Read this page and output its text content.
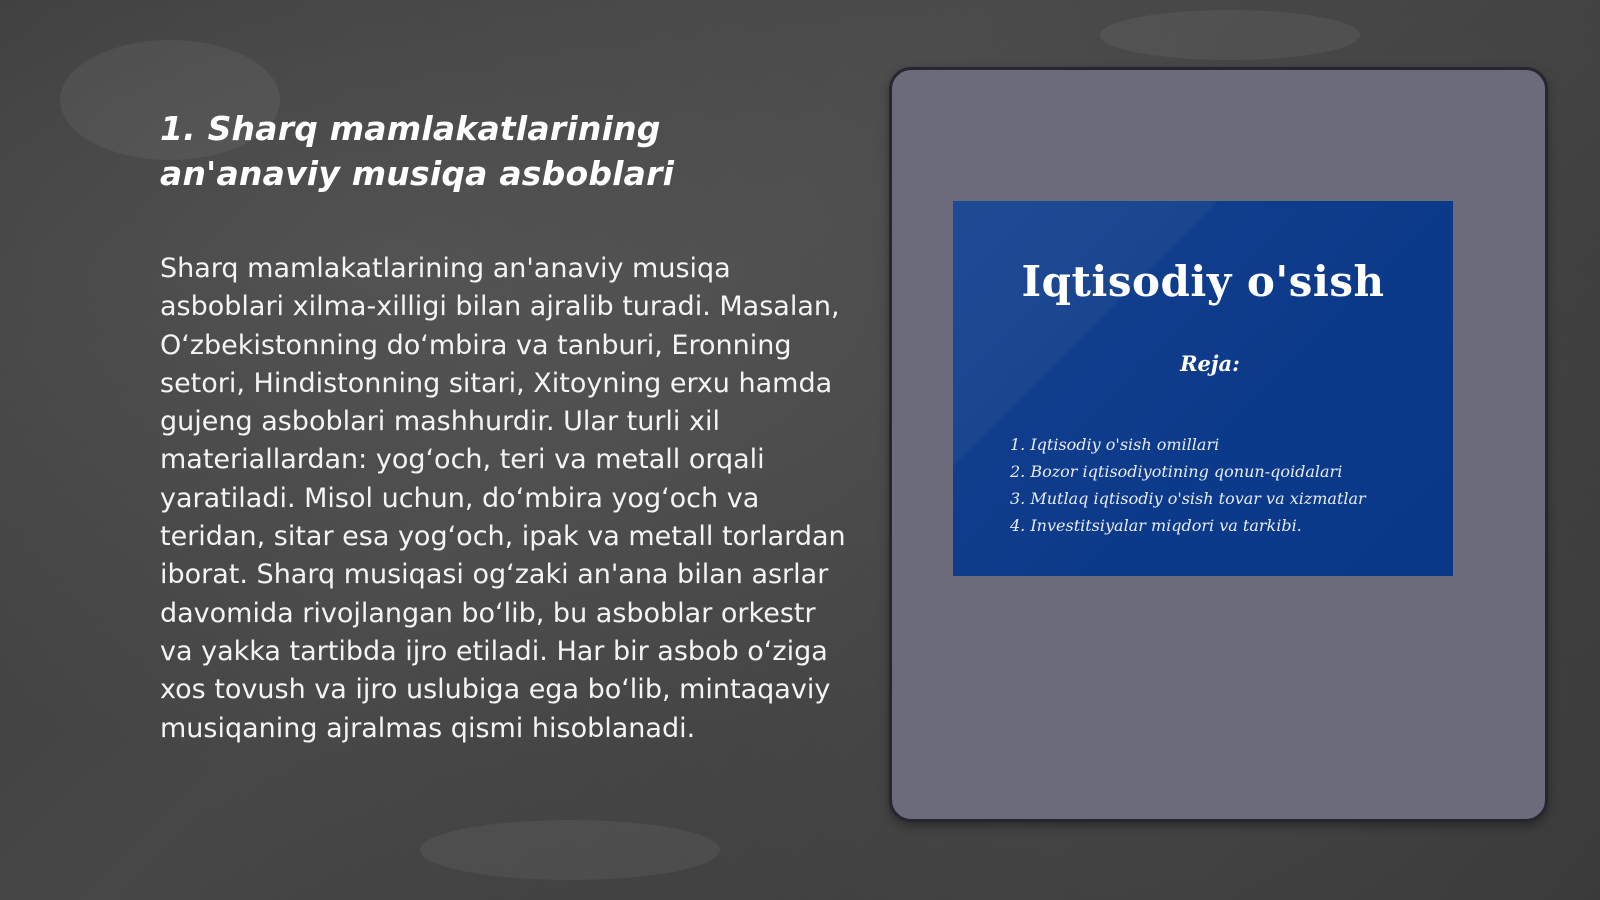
1. Sharq mamlakatlarining an'anaviy musiqa asboblari

Sharq mamlakatlarining an'anaviy musiqa asboblari xilma-xilligi bilan ajralib turadi. Masalan, O‘zbekistonning do‘mbira va tanburi, Eronning setori, Hindistonning sitari, Xitoyning erxu hamda gujeng asboblari mashhurdir. Ular turli xil materiallardan: yog‘och, teri va metall orqali yaratiladi. Misol uchun, do‘mbira yog‘och va teridan, sitar esa yog‘och, ipak va metall torlardan iborat. Sharq musiqasi og‘zaki an'ana bilan asrlar davomida rivojlangan bo‘lib, bu asboblar orkestr va yakka tartibda ijro etiladi. Har bir asbob o‘ziga xos tovush va ijro uslubiga ega bo‘lib, mintaqaviy musiqaning ajralmas qismi hisoblanadi.

Iqtisodiy o'sish
Reja:
1. Iqtisodiy o'sish omillari
2. Bozor iqtisodiyotining qonun-qoidalari
3. Mutlaq iqtisodiy o'sish tovar va xizmatlar
4. Investitsiyalar miqdori va tarkibi.
